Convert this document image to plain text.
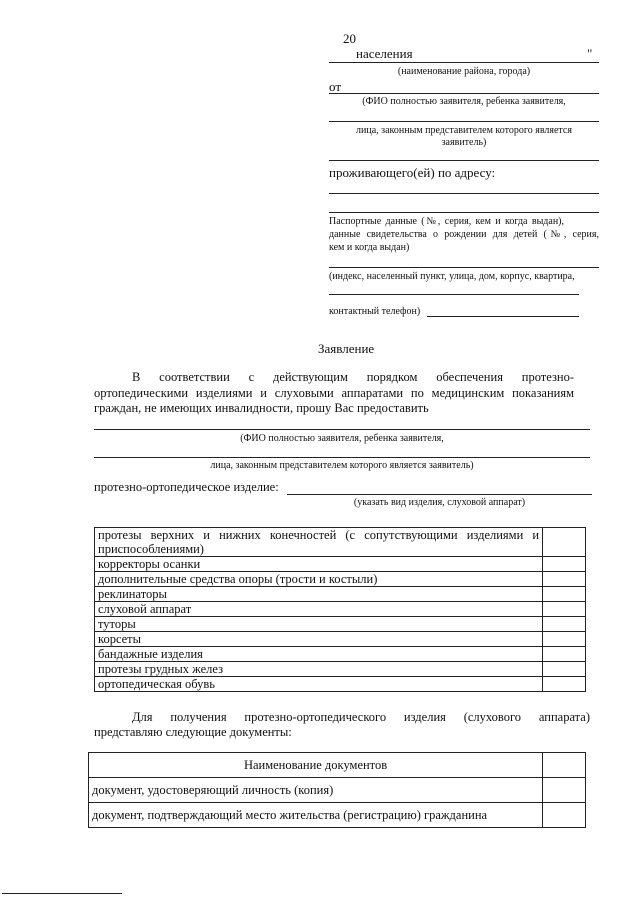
20
населения	"
(наименование района, города)
от
(ФИО полностью заявителя, ребенка заявителя,
лица, законным представителем которого является
заявитель)
проживающего(ей) по адресу:
Паспортные данные (№, серия, кем и когда выдан),
данные свидетельства о рождении для детей (№, серия,
кем и когда выдан)
(индекс, населенный пункт, улица, дом, корпус, квартира,
контактный телефон)
Заявление
В соответствии с действующим порядком обеспечения протезно-
ортопедическими изделиями и слуховыми аппаратами по медицинским показаниям
граждан, не имеющих инвалидности, прошу Вас предоставить
(ФИО полностью заявителя, ребенка заявителя,
лица, законным представителем которого является заявитель)
протезно-ортопедическое изделие:
(указать вид изделия, слуховой аппарат)
протезы верхних и нижних конечностей (с сопутствующими изделиями и приспособлениями)	
корректоры осанки	
дополнительные средства опоры (трости и костыли)	
реклинаторы	
слуховой аппарат	
туторы	
корсеты	
бандажные изделия	
протезы грудных желез	
ортопедическая обувь	
Для получения протезно-ортопедического изделия (слухового аппарата)
представляю следующие документы:
Наименование документов	
документ, удостоверяющий личность (копия)	
документ, подтверждающий место жительства (регистрацию) гражданина	
